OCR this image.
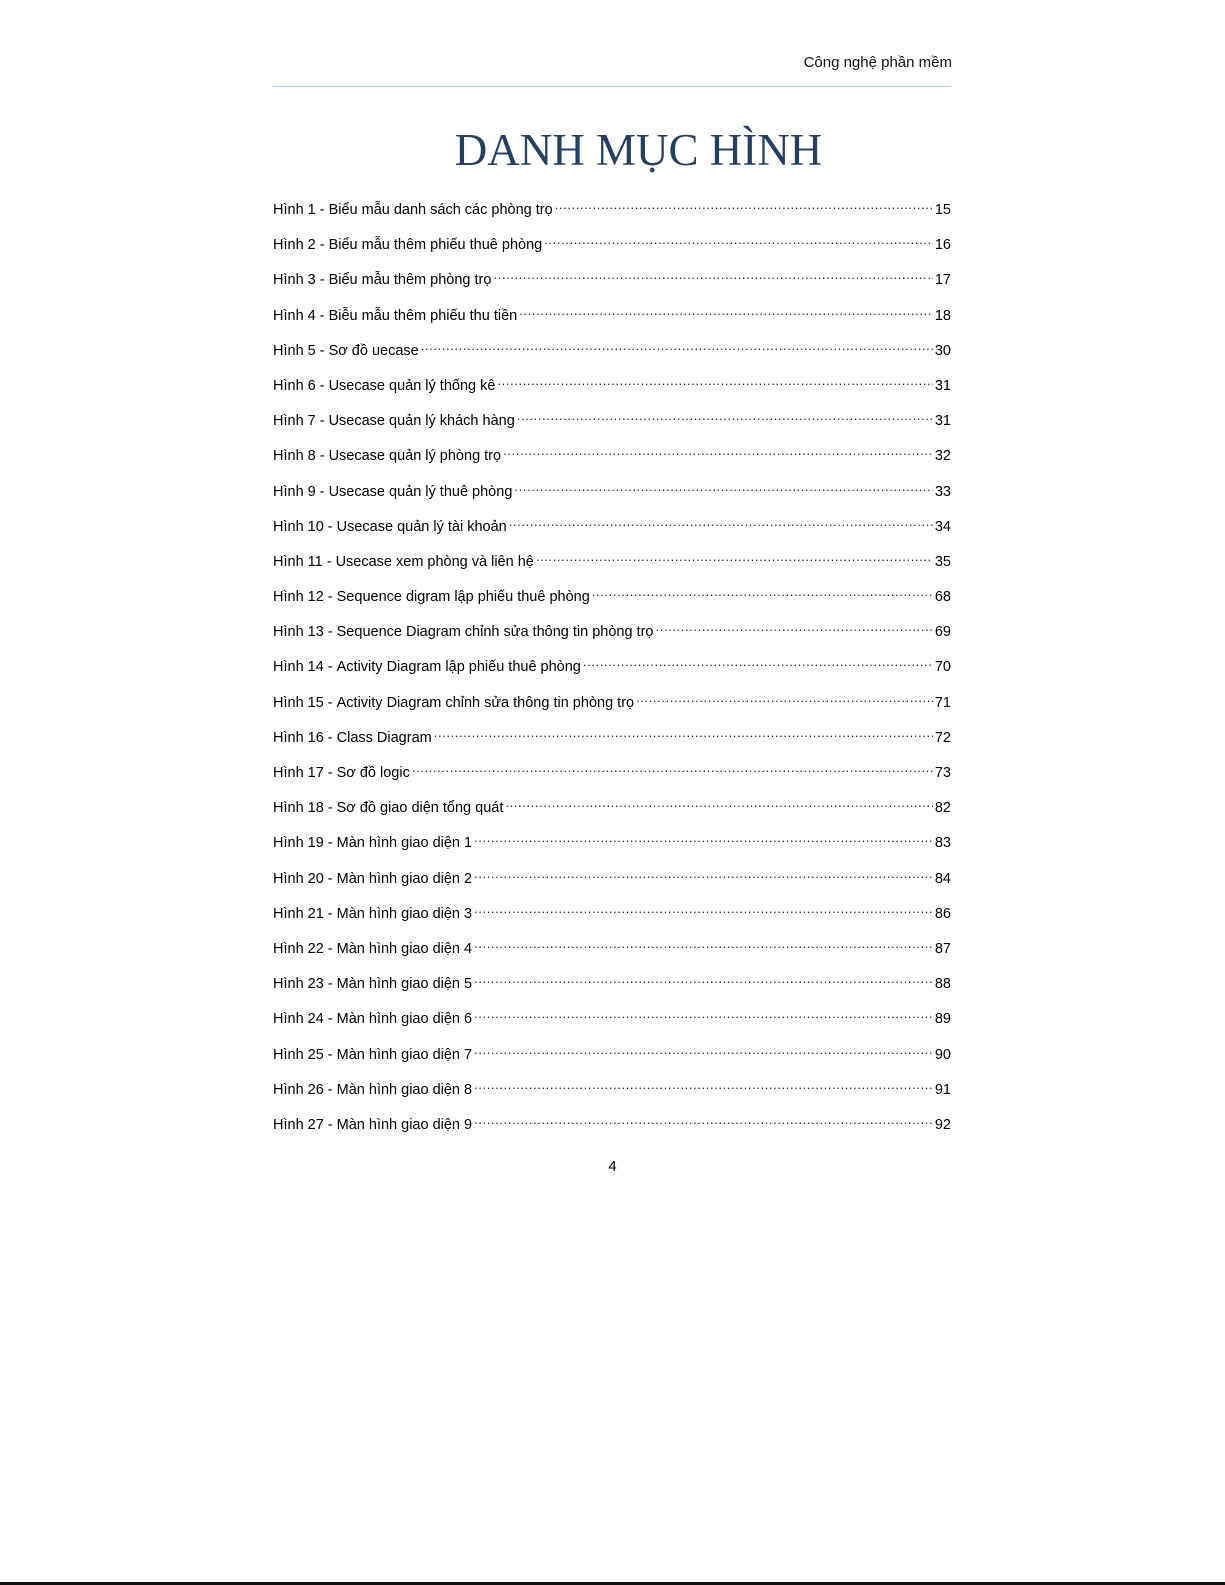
Công nghệ phần mềm
DANH MỤC HÌNH
Hình 1 - Biểu mẫu danh sách các phòng trọ .....	15
Hình 2 - Biểu mẫu thêm phiếu thuê phòng .....	16
Hình 3 - Biểu mẫu thêm phòng trọ .....	17
Hình 4 - Biễu mẫu thêm phiếu thu tiền .....	18
Hình 5 - Sơ đồ uecase .....	30
Hình 6 - Usecase quản lý thống kê .....	31
Hình 7 - Usecase quản lý khách hàng .....	31
Hình 8 - Usecase quản lý phòng trọ .....	32
Hình 9 - Usecase quản lý thuê phòng .....	33
Hình 10 - Usecase quản lý tài khoản .....	34
Hình 11 - Usecase xem phòng và liên hệ .....	35
Hình 12 - Sequence digram lập phiếu thuê phòng .....	68
Hình 13 - Sequence Diagram chỉnh sửa thông tin phòng trọ .....	69
Hình 14 - Activity Diagram lập phiếu thuê phòng .....	70
Hình 15 - Activity Diagram chỉnh sửa thông tin phòng trọ .....	71
Hình 16 - Class Diagram .....	72
Hình 17 - Sơ đồ logic .....	73
Hình 18 - Sơ đồ giao diện tổng quát .....	82
Hình 19 - Màn hình giao diện 1 .....	83
Hình 20 - Màn hình giao diện 2 .....	84
Hình 21 - Màn hình giao diện 3 .....	86
Hình 22 - Màn hình giao diện 4 .....	87
Hình 23 - Màn hình giao diện 5 .....	88
Hình 24 - Màn hình giao diện 6 .....	89
Hình 25 - Màn hình giao diện 7 .....	90
Hình 26 - Màn hình giao diện 8 .....	91
Hình 27 - Màn hình giao diện 9 .....	92
4
